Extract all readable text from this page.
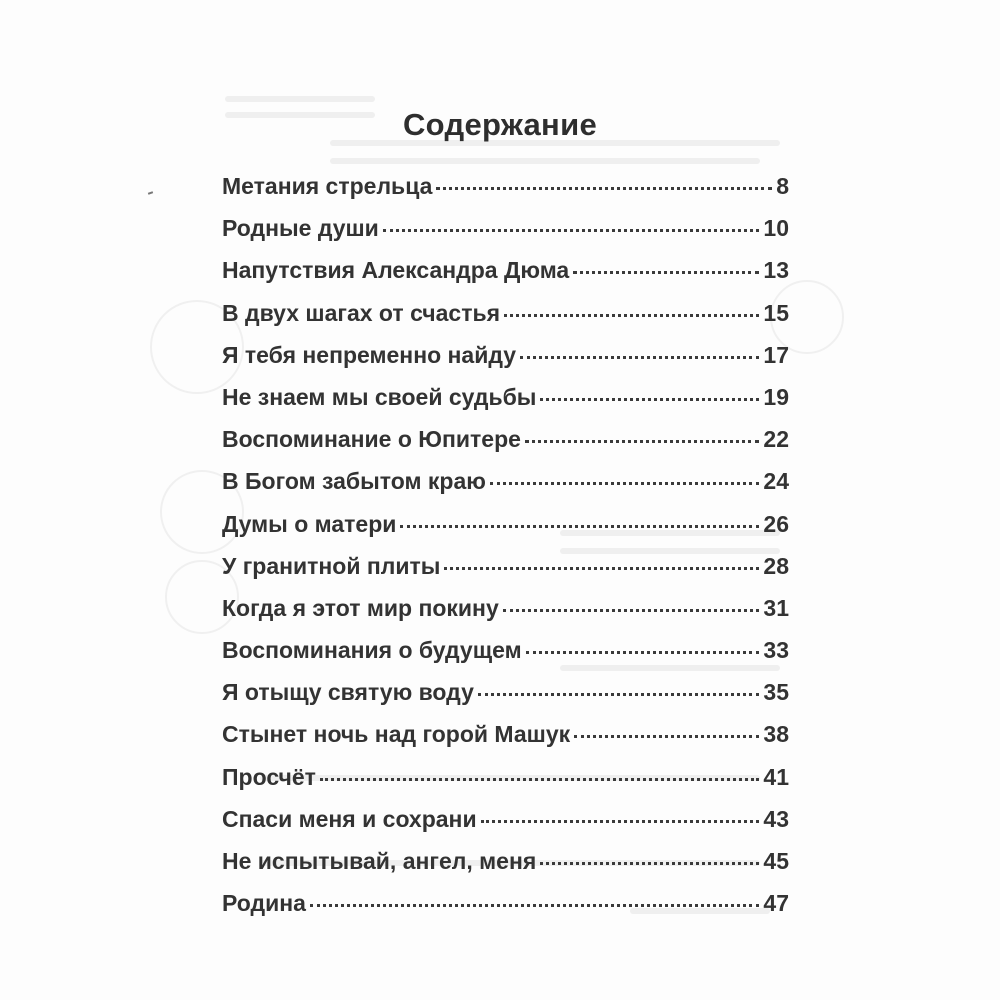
Содержание
Метания стрельца	8
Родные души	10
Напутствия Александра Дюма	13
В двух шагах от счастья	15
Я тебя непременно найду	17
Не знаем мы своей судьбы	19
Воспоминание о Юпитере	22
В Богом забытом краю	24
Думы о матери	26
У гранитной плиты	28
Когда я этот мир покину	31
Воспоминания о будущем	33
Я отыщу святую воду	35
Стынет ночь над горой Машук	38
Просчёт	41
Спаси меня и сохрани	43
Не испытывай, ангел, меня	45
Родина	47
